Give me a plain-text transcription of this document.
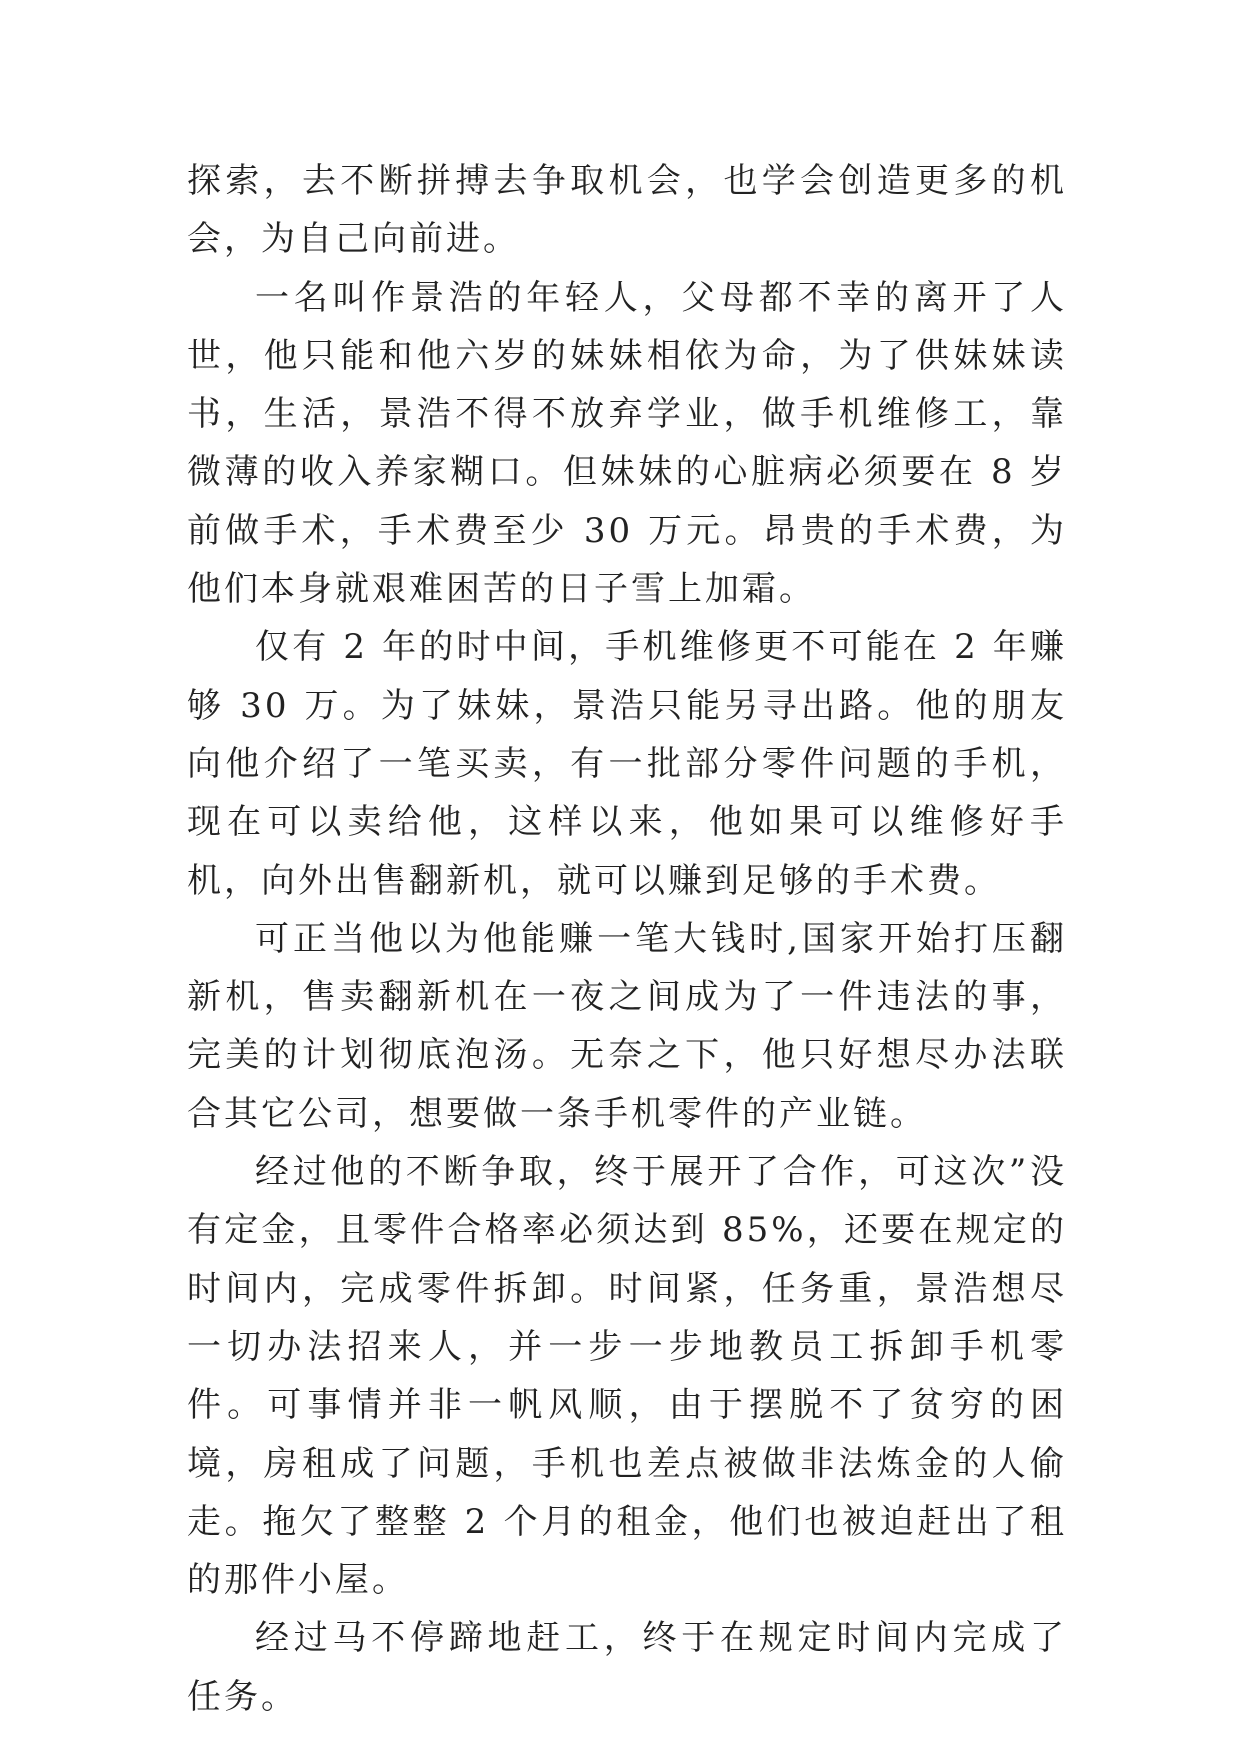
探索，去不断拼搏去争取机会，也学会创造更多的机会，为自己向前进。

一名叫作景浩的年轻人，父母都不幸的离开了人世，他只能和他六岁的妹妹相依为命，为了供妹妹读书，生活，景浩不得不放弃学业，做手机维修工，靠微薄的收入养家糊口。但妹妹的心脏病必须要在 8 岁前做手术，手术费至少 30 万元。昂贵的手术费，为他们本身就艰难困苦的日子雪上加霜。

仅有 2 年的时中间，手机维修更不可能在 2 年赚够 30 万。为了妹妹，景浩只能另寻出路。他的朋友向他介绍了一笔买卖，有一批部分零件问题的手机，现在可以卖给他，这样以来，他如果可以维修好手机，向外出售翻新机，就可以赚到足够的手术费。

可正当他以为他能赚一笔大钱时,国家开始打压翻新机，售卖翻新机在一夜之间成为了一件违法的事，完美的计划彻底泡汤。无奈之下，他只好想尽办法联合其它公司，想要做一条手机零件的产业链。

经过他的不断争取，终于展开了合作，可这次”没有定金，且零件合格率必须达到 85%，还要在规定的时间内，完成零件拆卸。时间紧，任务重，景浩想尽一切办法招来人，并一步一步地教员工拆卸手机零件。可事情并非一帆风顺，由于摆脱不了贫穷的困境，房租成了问题，手机也差点被做非法炼金的人偷走。拖欠了整整 2 个月的租金，他们也被迫赶出了租的那件小屋。

经过马不停蹄地赶工，终于在规定时间内完成了任务。
